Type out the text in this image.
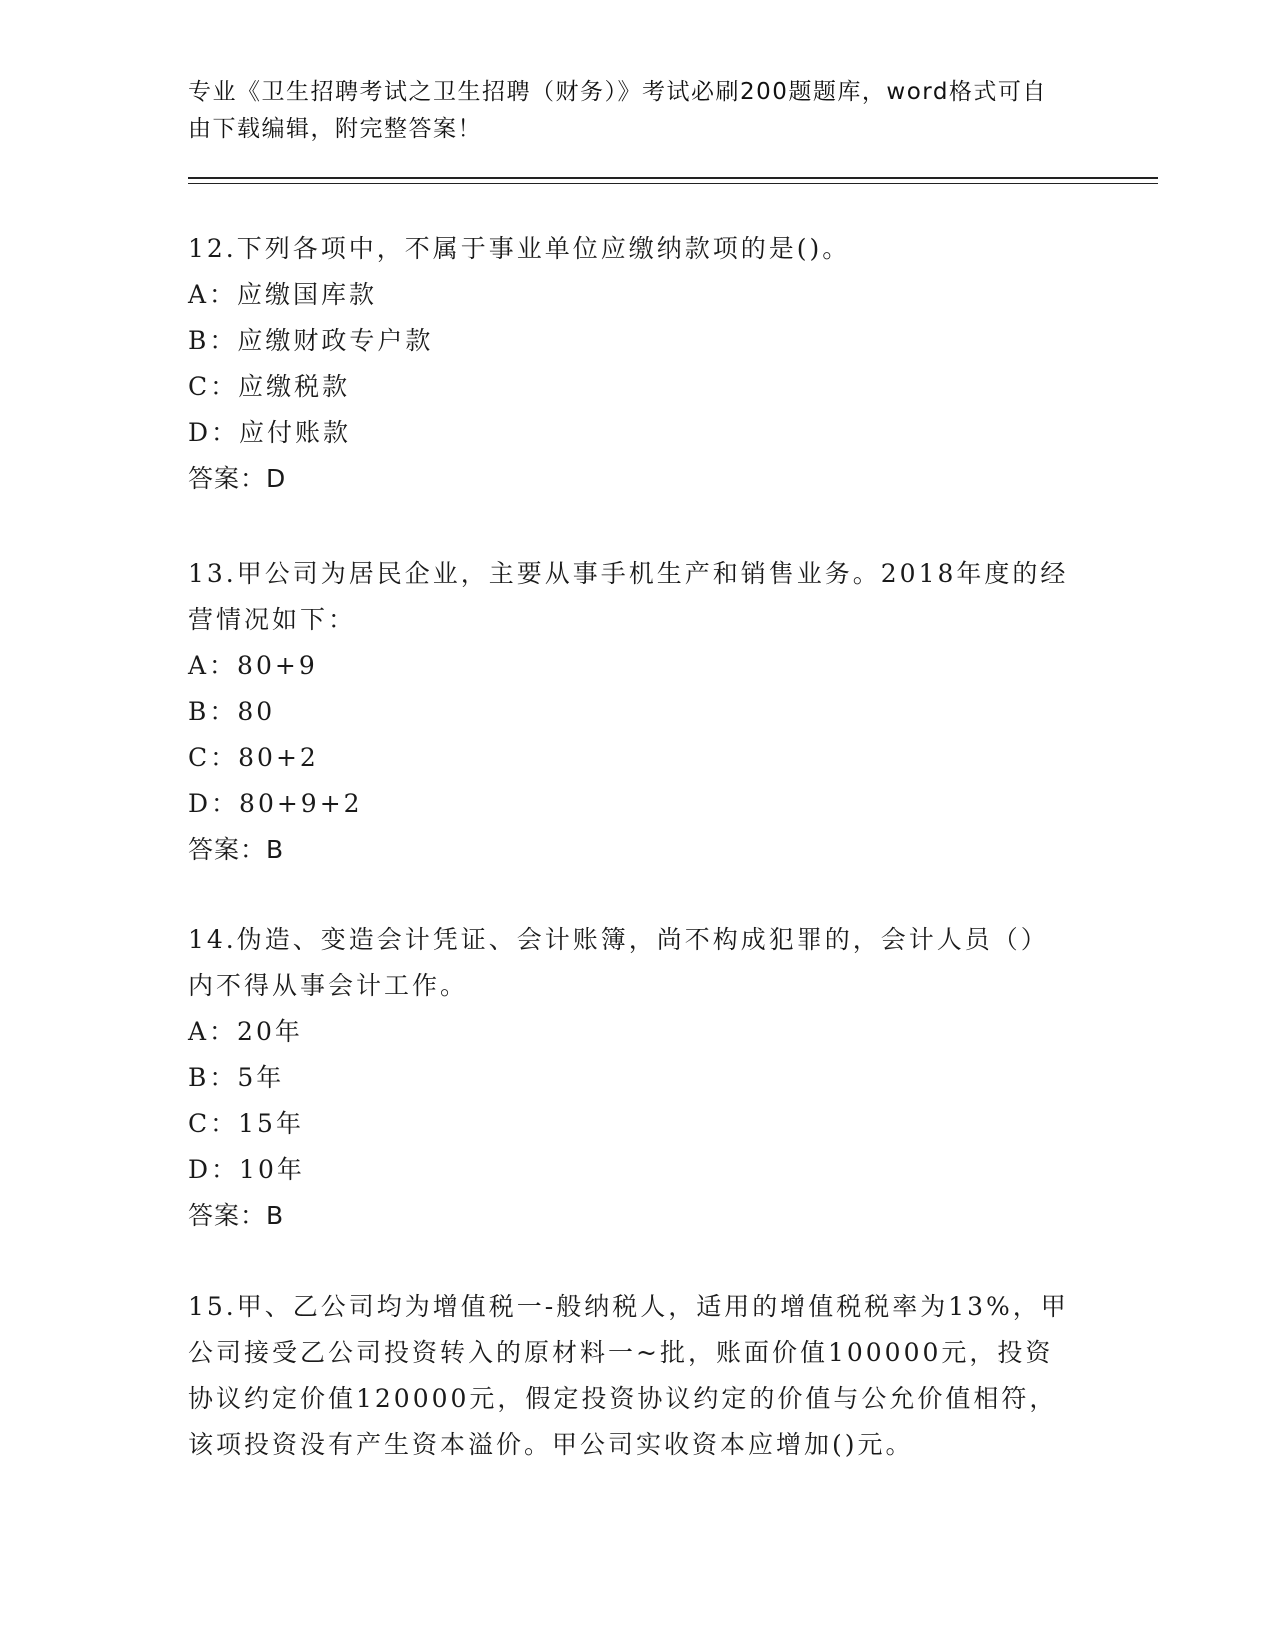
专业《卫生招聘考试之卫生招聘（财务）》考试必刷200题题库，word格式可自
由下载编辑，附完整答案！

12.下列各项中，不属于事业单位应缴纳款项的是()。

A：应缴国库款

B：应缴财政专户款

C：应缴税款

D：应付账款

答案：D

13.甲公司为居民企业，主要从事手机生产和销售业务。2018年度的经

营情况如下：

A：80+9

B：80

C：80+2

D：80+9+2

答案：B

14.伪造、变造会计凭证、会计账簿，尚不构成犯罪的，会计人员（）

内不得从事会计工作。

A：20年

B：5年

C：15年

D：10年

答案：B

15.甲、乙公司均为增值税一-般纳税人，适用的增值税税率为13%，甲

公司接受乙公司投资转入的原材料一~批，账面价值100000元，投资

协议约定价值120000元，假定投资协议约定的价值与公允价值相符，

该项投资没有产生资本溢价。甲公司实收资本应增加()元。
